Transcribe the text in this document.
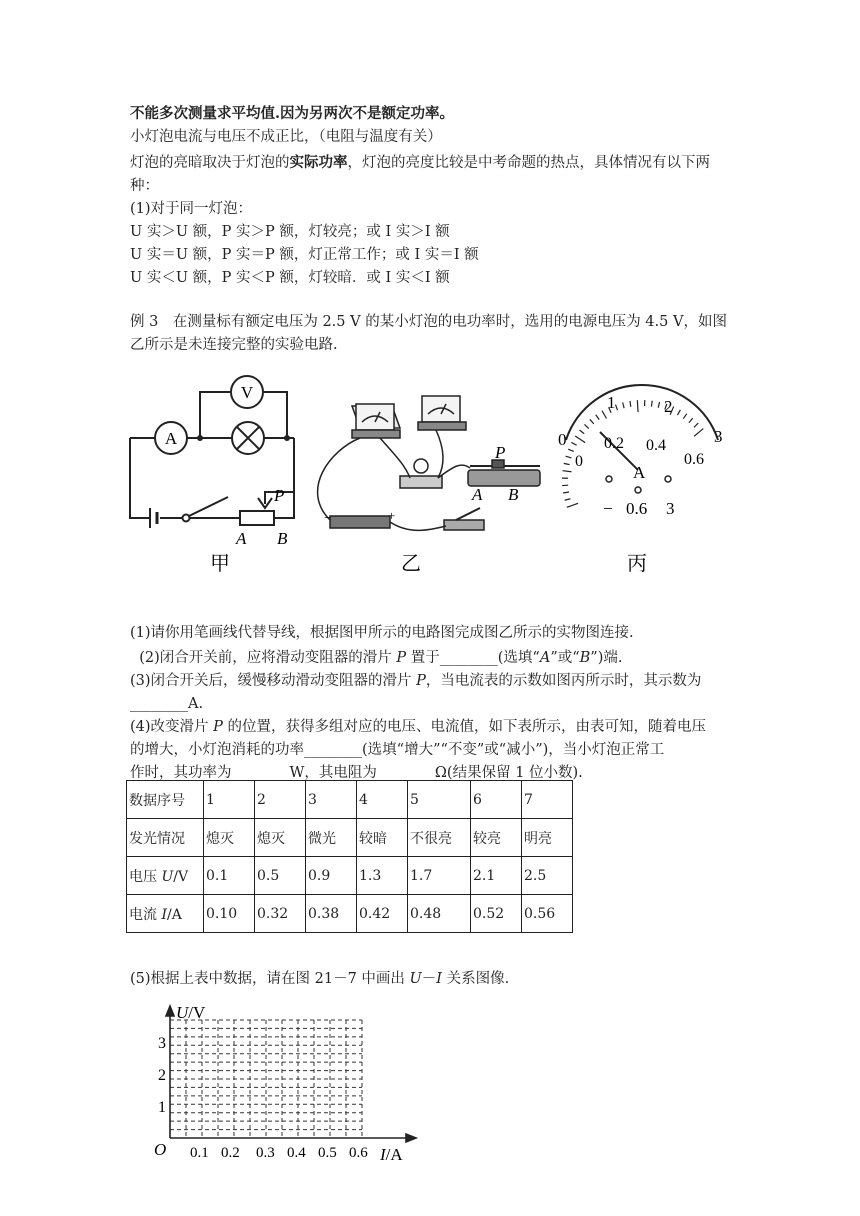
不能多次测量求平均值.因为另两次不是额定功率。
小灯泡电流与电压不成正比，（电阻与温度有关）
灯泡的亮暗取决于灯泡的实际功率，灯泡的亮度比较是中考命题的热点，具体情况有以下两
种：
(1)对于同一灯泡：
U 实＞U 额，P 实＞P 额，灯较亮；或 I 实＞I 额
U 实＝U 额，P 实＝P 额，灯正常工作；或 I 实＝I 额
U 实＜U 额，P 实＜P 额，灯较暗．或 I 实＜I 额
例 3　在测量标有额定电压为 2.5 V 的某小灯泡的电功率时，选用的电源电压为 4.5 V，如图
乙所示是未连接完整的实验电路.
A
V
P
A B
甲
P
A B
−	+
乙
0
1	2
3
0
0.2 0.4
0.6
A
− 0.6 3
丙
(1)请你用笔画线代替导线，根据图甲所示的电路图完成图乙所示的实物图连接.
(2)闭合开关前，应将滑动变阻器的滑片 P 置于________(选填“A”或“B”)端.
(3)闭合开关后，缓慢移动滑动变阻器的滑片 P，当电流表的示数如图丙所示时，其示数为
________A.
(4)改变滑片 P 的位置，获得多组对应的电压、电流值，如下表所示，由表可知，随着电压
的增大，小灯泡消耗的功率________(选填“增大”“不变”或“减小”)，当小灯泡正常工
作时，其功率为________W，其电阻为________Ω(结果保留 1 位小数).
数据序号	1	2	3	4	5	6	7
发光情况	熄灭	熄灭	微光	较暗	不很亮	较亮	明亮
电压 U/V	0.1	0.5	0.9	1.3	1.7	2.1	2.5
电流 I/A	0.10	0.32	0.38	0.42	0.48	0.52	0.56
(5)根据上表中数据，请在图 21－7 中画出 U－I 关系图像.
U/V
I/A
O
1
2
3
0.1 0.2 0.3 0.4 0.5 0.6
